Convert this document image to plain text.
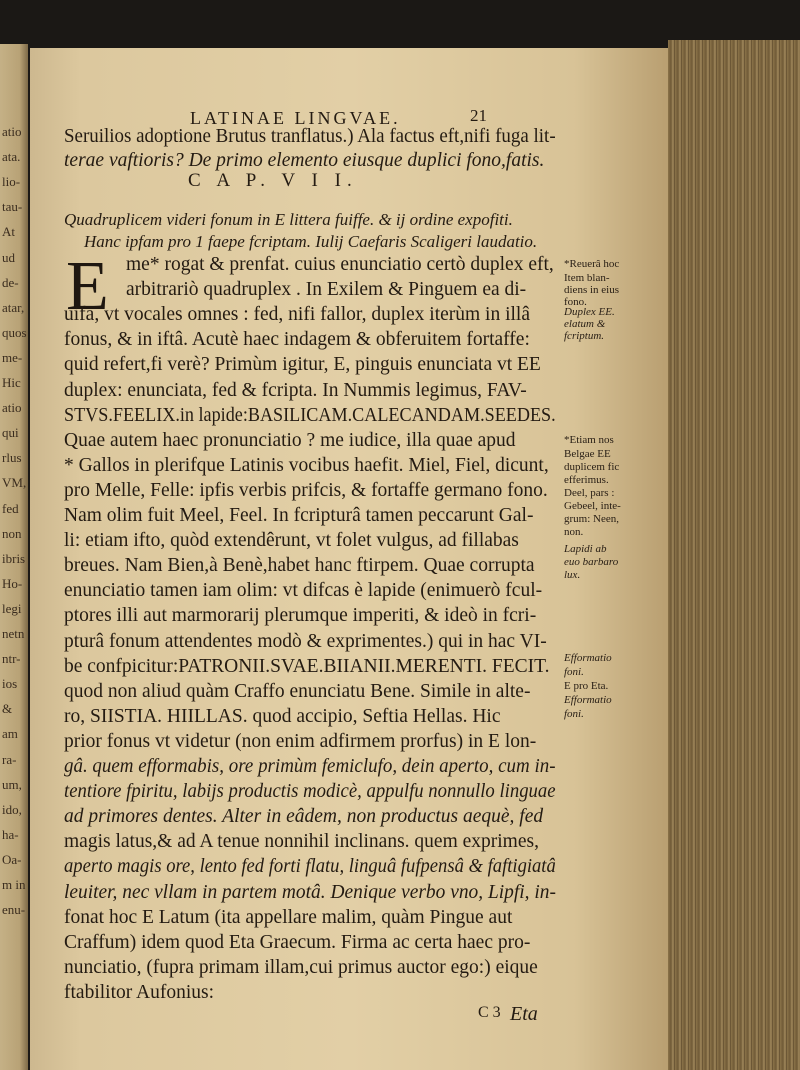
atio
ata.
lio-
tau-
At
ud
de-
atar,
quos
me-
Hic
atio
qui
rlus
VM,
fed
non
ibris
Ho-
legi
netn
ntr-
ios
&
am
ra-
um,
ido,
ha-
Oa-
m in
enu-
LATINAE LINGVAE.	21
Seruilios adoptione Brutus tranflatus.) Ala factus eft,nifi fuga lit-
terae vaftioris? De primo elemento eiusque duplici fono,fatis.
C A P. V I I.
Quadruplicem videri fonum in E littera fuiffe. & ij ordine expofiti.
Hanc ipfam pro 1 faepe fcriptam. Iulij Caefaris Scaligeri laudatio.
E me* rogat & prenfat. cuius enunciatio certò duplex eft,
arbitrariò quadruplex . In Exilem & Pinguem ea di-
uifa, vt vocales omnes : fed, nifi fallor, duplex iterùm in illâ
fonus, & in iftâ. Acutè haec indagem & obferuitem fortaffe:
quid refert,fi verè? Primùm igitur, E, pinguis enunciata vt EE
duplex: enunciata, fed & fcripta. In Nummis legimus, FAV-
STVS.FEELIX.in lapide:BASILICAM.CALECANDAM.SEEDES.
Quae autem haec pronunciatio ? me iudice, illa quae apud
* Gallos in plerifque Latinis vocibus haefit. Miel, Fiel, dicunt,
pro Melle, Felle: ipfis verbis prifcis, & fortaffe germano fono.
Nam olim fuit Meel, Feel. In fcripturâ tamen peccarunt Gal-
li: etiam ifto, quòd extendêrunt, vt folet vulgus, ad fillabas
breues. Nam Bien,à Benè,habet hanc ftirpem. Quae corrupta
enunciatio tamen iam olim: vt difcas è lapide (enimuerò fcul-
ptores illi aut marmorarij plerumque imperiti, & ideò in fcri-
pturâ fonum attendentes modò & exprimentes.) qui in hac VI-
be confpicitur:PATRONII.SVAE.BIIANII.MERENTI. FECIT.
quod non aliud quàm Craffo enunciatu Bene. Simile in alte-
ro, SIISTIA. HIILLAS. quod accipio, Seftia Hellas. Hic
prior fonus vt videtur (non enim adfirmem prorfus) in E lon-
gâ. quem efformabis, ore primùm femiclufo, dein aperto, cum in-
tentiore fpiritu, labijs productis modicè, appulfu nonnullo linguae
ad primores dentes. Alter in eâdem, non productus aequè, fed
magis latus,& ad A tenue nonnihil inclinans. quem exprimes,
aperto magis ore, lento fed forti flatu, linguâ fufpensâ & faftigiatâ
leuiter, nec vllam in partem motâ. Denique verbo vno, Lipfi, in-
fonat hoc E Latum (ita appellare malim, quàm Pingue aut
Craffum) idem quod Eta Graecum. Firma ac certa haec pro-
nunciatio, (fupra primam illam,cui primus auctor ego:) eique
ftabilitor Aufonius:
*Reuerâ hoc
Item blan-
diens in eius
fono.
Duplex EE.
elatum &
fcriptum.
*Etiam nos
Belgae EE
duplicem fic
efferimus.
Deel, pars :
Gebeel, inte-
grum: Neen,
non.
Lapidi ab
euo barbaro
lux.
Efformatio
foni.
E pro Eta.
Efformatio
foni.
C 3 Eta
